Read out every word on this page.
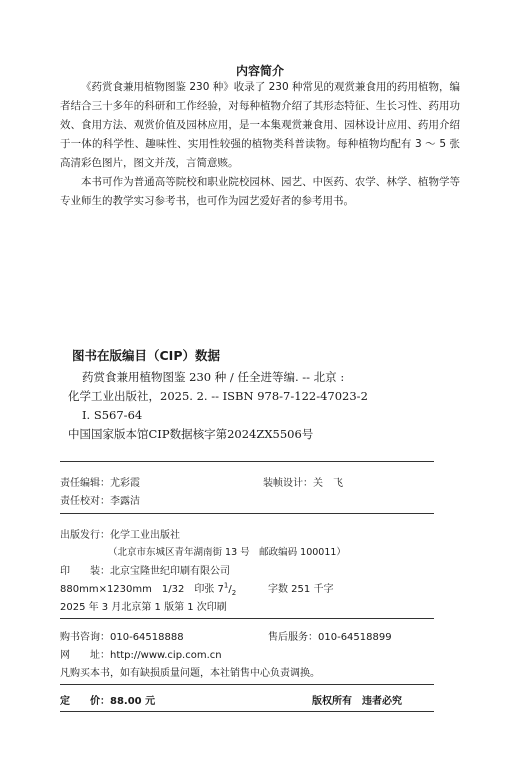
内容简介

《药赏食兼用植物图鉴 230 种》收录了 230 种常见的观赏兼食用的药用植物，编者结合三十多年的科研和工作经验，对每种植物介绍了其形态特征、生长习性、药用功效、食用方法、观赏价值及园林应用，是一本集观赏兼食用、园林设计应用、药用介绍于一体的科学性、趣味性、实用性较强的植物类科普读物。每种植物均配有 3 ～ 5 张高清彩色图片，图文并茂，言简意赅。

本书可作为普通高等院校和职业院校园林、园艺、中医药、农学、林学、植物学等专业师生的教学实习参考书，也可作为园艺爱好者的参考用书。

图书在版编目（CIP）数据
药赏食兼用植物图鉴 230 种 / 任全进等编. -- 北京 :
化学工业出版社，2025. 2. -- ISBN 978-7-122-47023-2
Ⅰ. S567-64
中国国家版本馆CIP数据核字第2024ZX5506号
责任编辑：尤彩霞	装帧设计：关　飞
责任校对：李露洁
出版发行：化学工业出版社
（北京市东城区青年湖南街 13 号　邮政编码 100011）
印　　装：北京宝隆世纪印刷有限公司
880mm×1230mm　1/32　印张 $7^1/_2$	字数 251 千字
2025 年 3 月北京第 1 版第 1 次印刷
购书咨询：010-64518888	售后服务：010-64518899
网　　址：http://www.cip.com.cn
凡购买本书，如有缺损质量问题，本社销售中心负责调换。
定　　价：88.00 元	版权所有　违者必究
